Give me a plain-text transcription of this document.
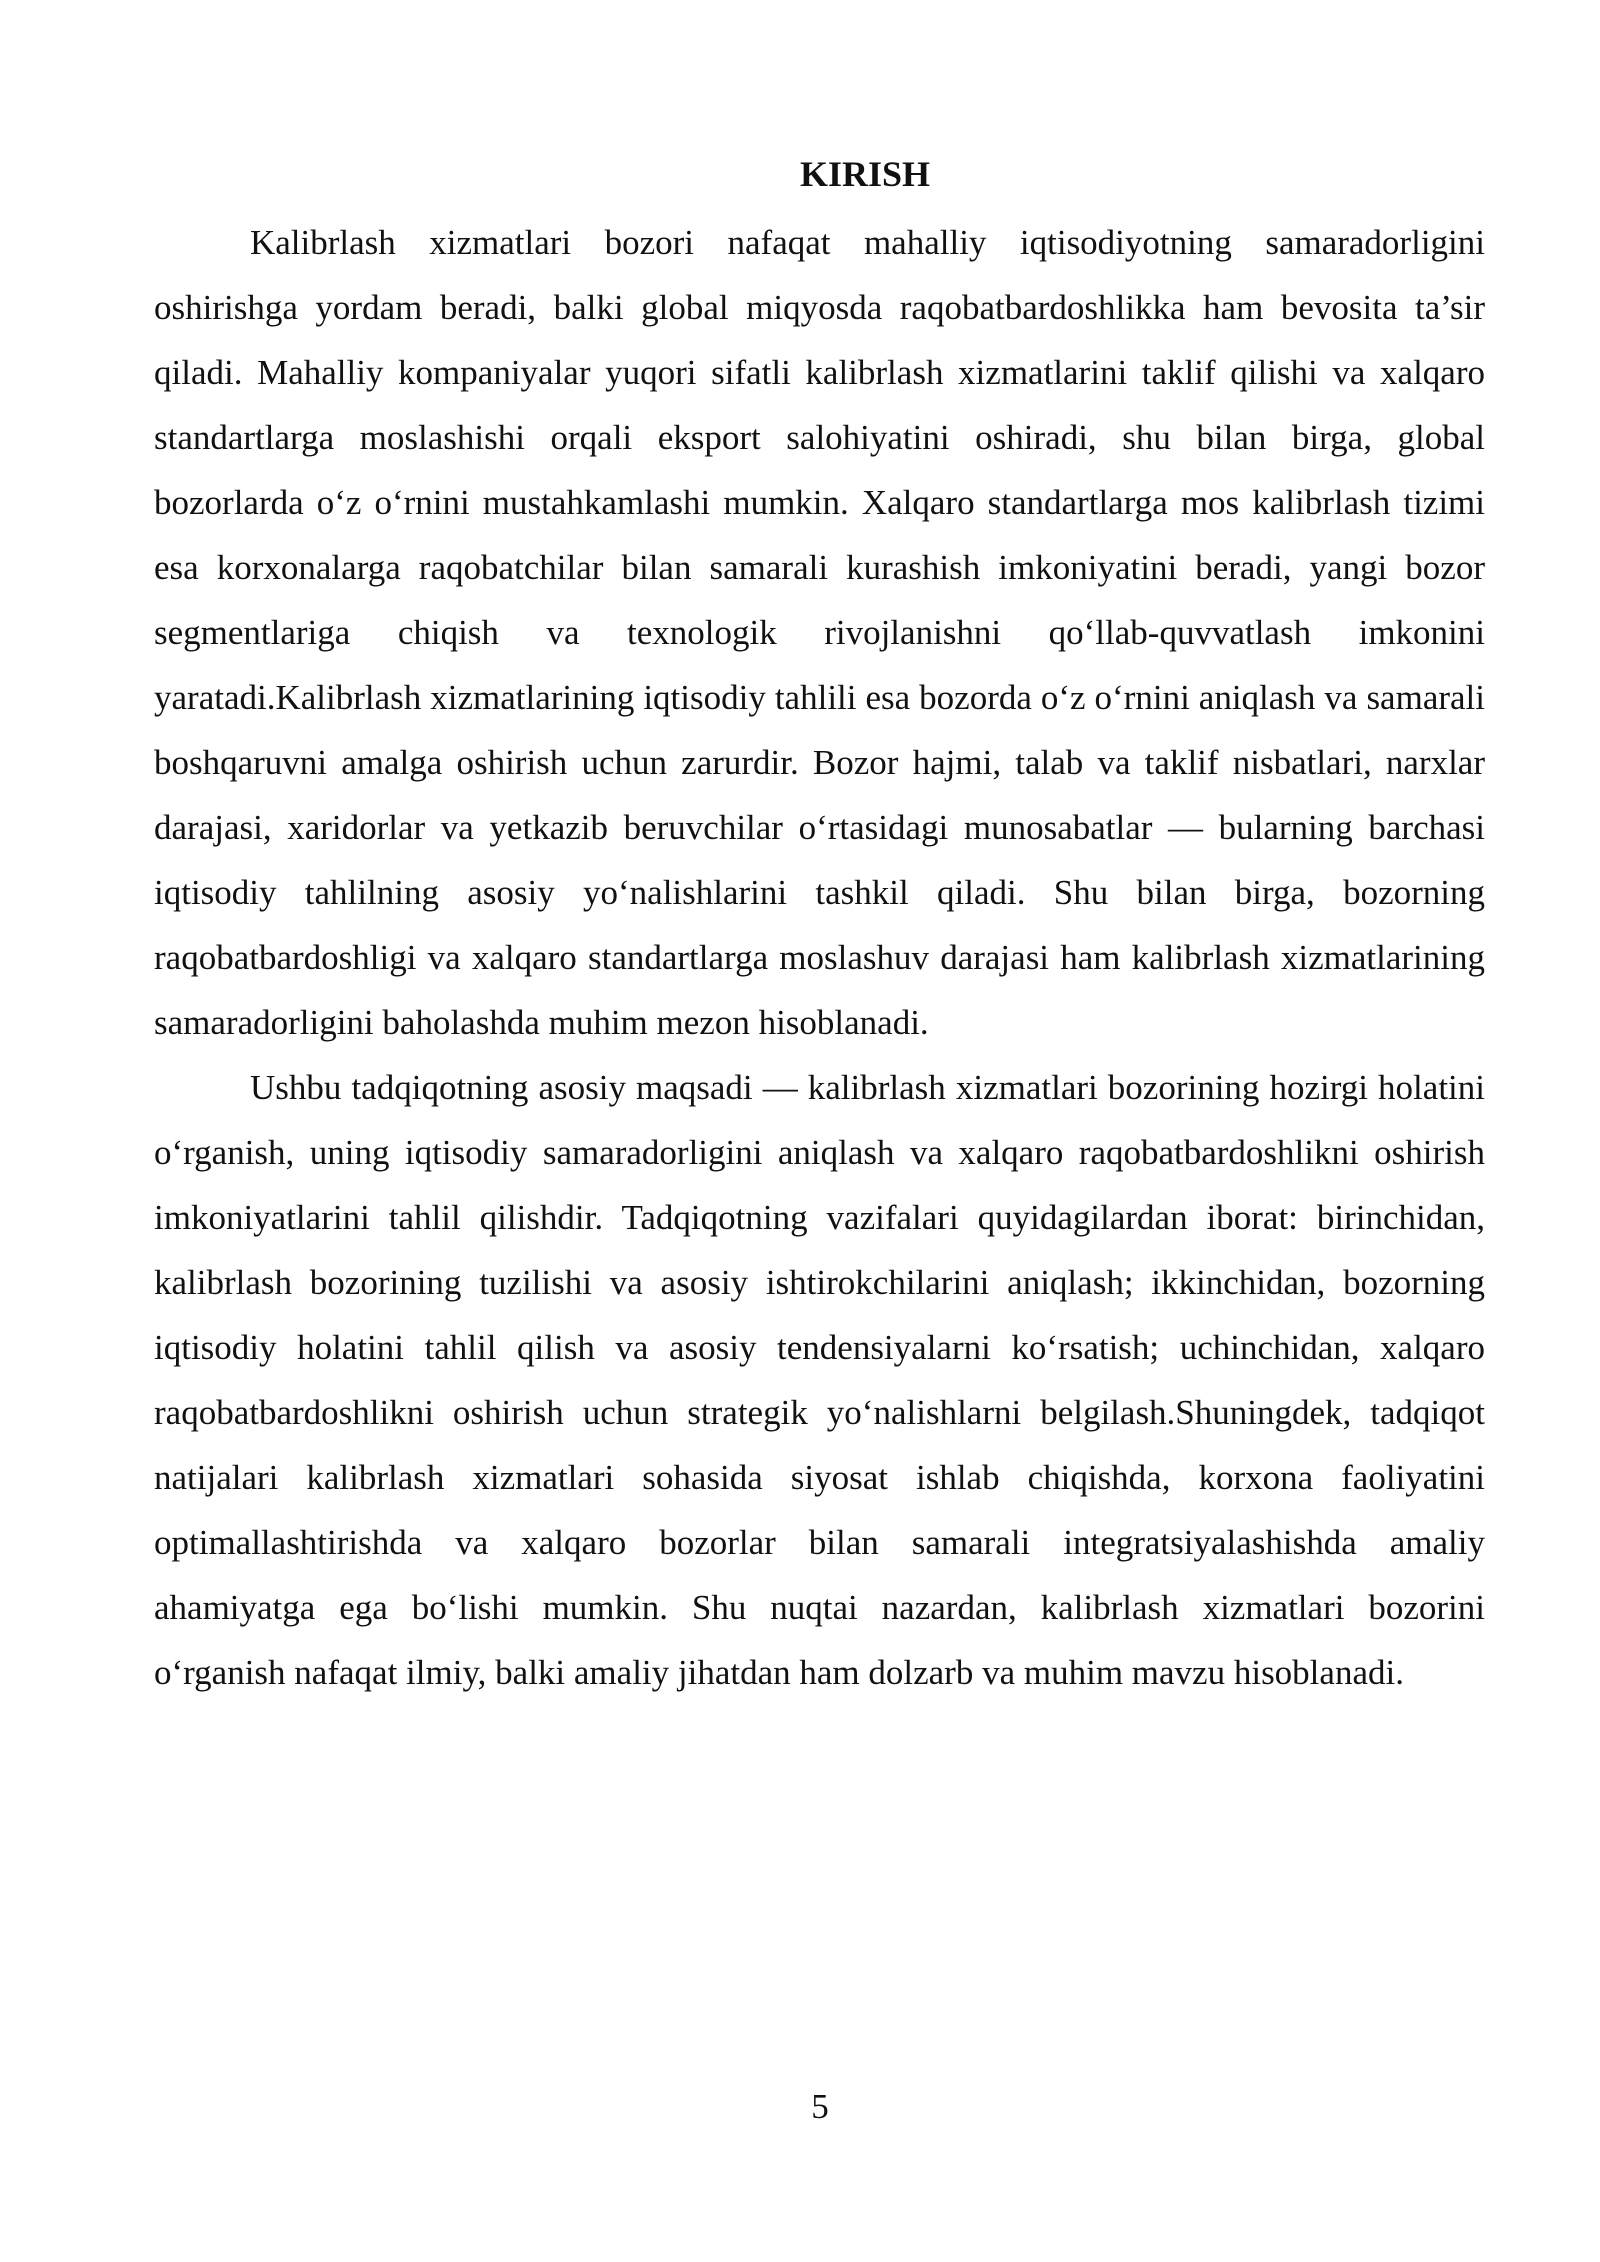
KIRISH

Kalibrlash xizmatlari bozori nafaqat mahalliy iqtisodiyotning samaradorligini oshirishga yordam beradi, balki global miqyosda raqobatbardoshlikka ham bevosita ta’sir qiladi. Mahalliy kompaniyalar yuqori sifatli kalibrlash xizmatlarini taklif qilishi va xalqaro standartlarga moslashishi orqali eksport salohiyatini oshiradi, shu bilan birga, global bozorlarda o‘z o‘rnini mustahkamlashi mumkin. Xalqaro standartlarga mos kalibrlash tizimi esa korxonalarga raqobatchilar bilan samarali kurashish imkoniyatini beradi, yangi bozor segmentlariga chiqish va texnologik rivojlanishni qo‘llab-quvvatlash imkonini yaratadi.Kalibrlash xizmatlarining iqtisodiy tahlili esa bozorda o‘z o‘rnini aniqlash va samarali boshqaruvni amalga oshirish uchun zarurdir. Bozor hajmi, talab va taklif nisbatlari, narxlar darajasi, xaridorlar va yetkazib beruvchilar o‘rtasidagi munosabatlar — bularning barchasi iqtisodiy tahlilning asosiy yo‘nalishlarini tashkil qiladi. Shu bilan birga, bozorning raqobatbardoshligi va xalqaro standartlarga moslashuv darajasi ham kalibrlash xizmatlarining samaradorligini baholashda muhim mezon hisoblanadi.

Ushbu tadqiqotning asosiy maqsadi — kalibrlash xizmatlari bozorining hozirgi holatini o‘rganish, uning iqtisodiy samaradorligini aniqlash va xalqaro raqobatbardoshlikni oshirish imkoniyatlarini tahlil qilishdir. Tadqiqotning vazifalari quyidagilardan iborat: birinchidan, kalibrlash bozorining tuzilishi va asosiy ishtirokchilarini aniqlash; ikkinchidan, bozorning iqtisodiy holatini tahlil qilish va asosiy tendensiyalarni ko‘rsatish; uchinchidan, xalqaro raqobatbardoshlikni oshirish uchun strategik yo‘nalishlarni belgilash.Shuningdek, tadqiqot natijalari kalibrlash xizmatlari sohasida siyosat ishlab chiqishda, korxona faoliyatini optimallashtirishda va xalqaro bozorlar bilan samarali integratsiyalashishda amaliy ahamiyatga ega bo‘lishi mumkin. Shu nuqtai nazardan, kalibrlash xizmatlari bozorini o‘rganish nafaqat ilmiy, balki amaliy jihatdan ham dolzarb va muhim mavzu hisoblanadi.

5
